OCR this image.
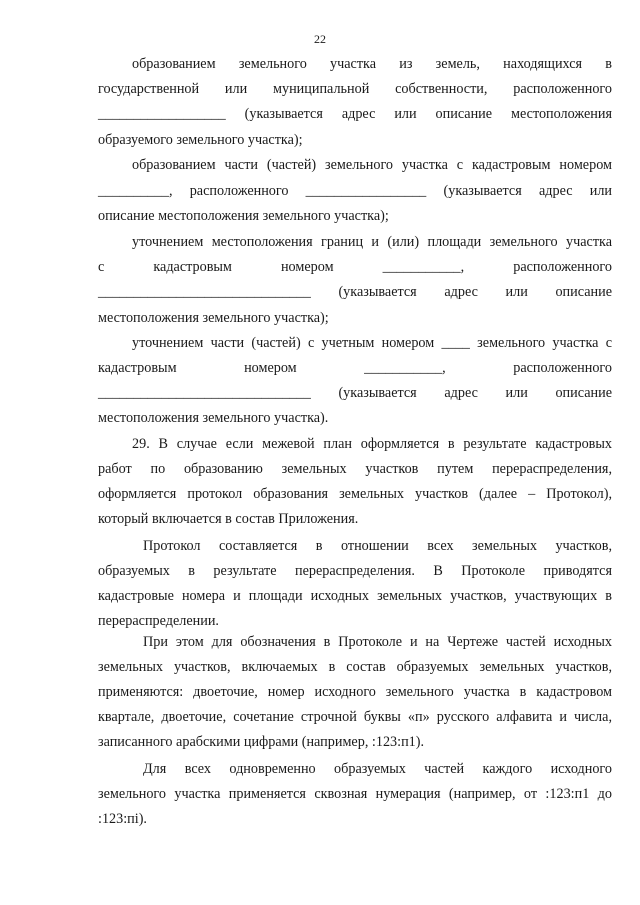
22
образованием земельного участка из земель, находящихся в
государственной или муниципальной собственности, расположенного
__________________ (указывается адрес или описание местоположения
образуемого земельного участка);
образованием части (частей) земельного участка с кадастровым номером
__________, расположенного _________________ (указывается адрес или
описание местоположения земельного участка);
уточнением местоположения границ и (или) площади земельного участка
с кадастровым номером ___________, расположенного
______________________________ (указывается адрес или описание
местоположения земельного участка);
уточнением части (частей) с учетным номером ____ земельного участка с
кадастровым номером ___________, расположенного
______________________________ (указывается адрес или описание
местоположения земельного участка).
29. В случае если межевой план оформляется в результате кадастровых
работ по образованию земельных участков путем перераспределения,
оформляется протокол образования земельных участков (далее – Протокол),
который включается в состав Приложения.
Протокол составляется в отношении всех земельных участков,
образуемых в результате перераспределения. В Протоколе приводятся
кадастровые номера и площади исходных земельных участков, участвующих в
перераспределении.
При этом для обозначения в Протоколе и на Чертеже частей исходных
земельных участков, включаемых в состав образуемых земельных участков,
применяются: двоеточие, номер исходного земельного участка в кадастровом
квартале, двоеточие, сочетание строчной буквы «п» русского алфавита и числа,
записанного арабскими цифрами (например, :123:п1).
Для всех одновременно образуемых частей каждого исходного
земельного участка применяется сквозная нумерация (например, от :123:п1 до
:123:пi).
